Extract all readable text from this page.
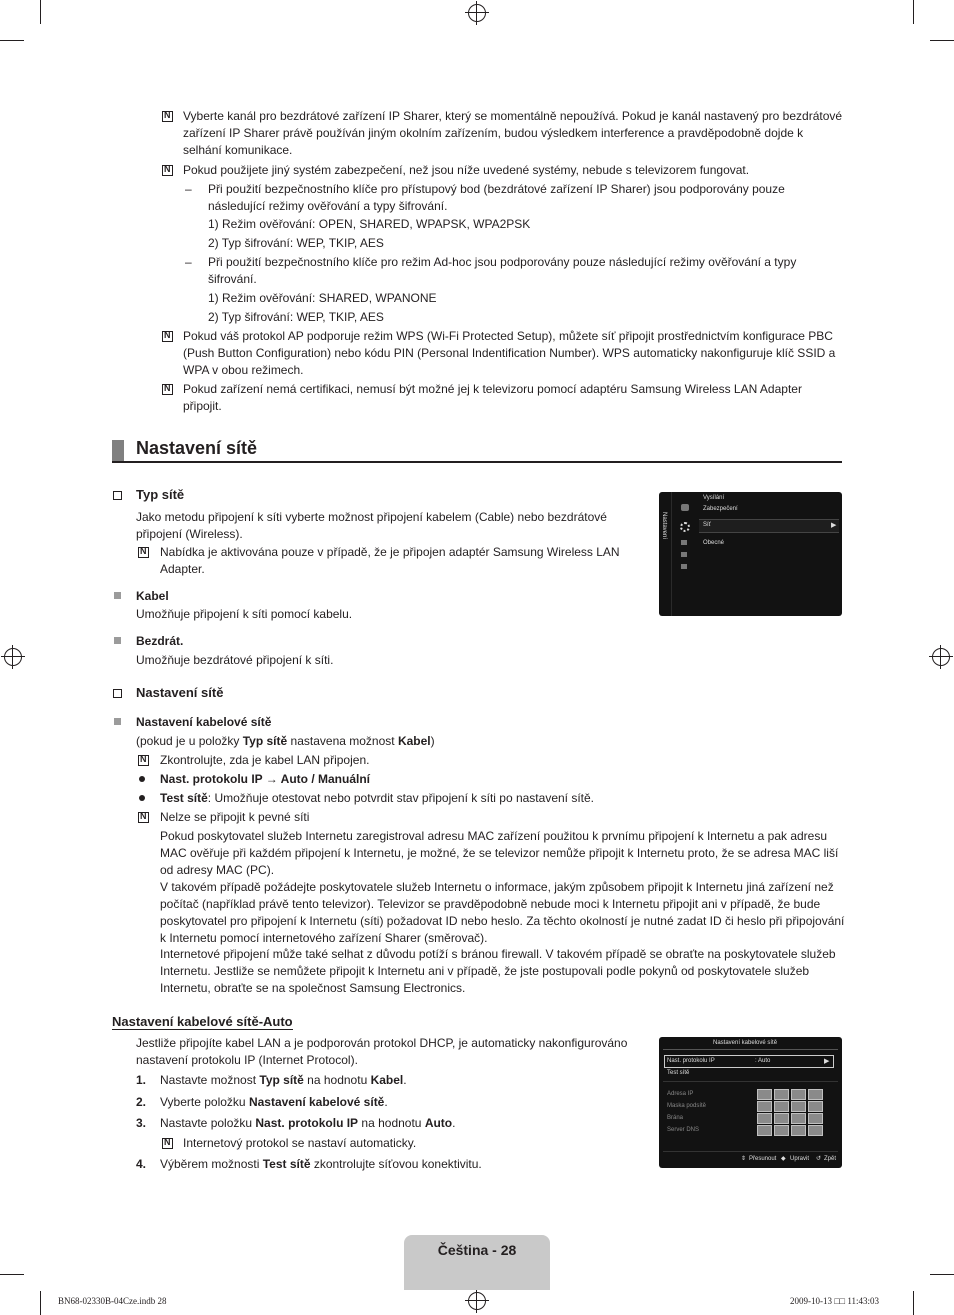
N
Vyberte kanál pro bezdrátové zařízení IP Sharer, který se momentálně nepoužívá. Pokud je kanál nastavený pro bezdrátové zařízení IP Sharer právě používán jiným okolním zařízením, budou výsledkem interference a pravděpodobně dojde k selhání komunikace.
N
Pokud použijete jiný systém zabezpečení, než jsou níže uvedené systémy, nebude s televizorem fungovat.
– Při použití bezpečnostního klíče pro přístupový bod (bezdrátové zařízení IP Sharer) jsou podporovány pouze následující režimy ověřování a typy šifrování.
1) Režim ověřování: OPEN, SHARED, WPAPSK, WPA2PSK
2) Typ šifrování: WEP, TKIP, AES
– Při použití bezpečnostního klíče pro režim Ad-hoc jsou podporovány pouze následující režimy ověřování a typy šifrování.
1) Režim ověřování: SHARED, WPANONE
2) Typ šifrování: WEP, TKIP, AES
N
Pokud váš protokol AP podporuje režim WPS (Wi-Fi Protected Setup), můžete síť připojit prostřednictvím konfigurace PBC (Push Button Configuration) nebo kódu PIN (Personal Indentification Number). WPS automaticky nakonfiguruje klíč SSID a WPA v obou režimech.
N
Pokud zařízení nemá certifikaci, nemusí být možné jej k televizoru pomocí adaptéru Samsung Wireless LAN Adapter připojit.
Nastavení sítě
Typ sítě
Jako metodu připojení k síti vyberte možnost připojení kabelem (Cable) nebo bezdrátové připojení (Wireless).
N
Nabídka je aktivována pouze v případě, že je připojen adaptér Samsung Wireless LAN Adapter.
Kabel
Umožňuje připojení k síti pomocí kabelu.
Bezdrát.
Umožňuje bezdrátové připojení k síti.
Nastavení
Vysílání
Zabezpečení
Síť	▶
Obecné
Nastavení sítě
Nastavení kabelové sítě
(pokud je u položky Typ sítě nastavena možnost Kabel)
N
Zkontrolujte, zda je kabel LAN připojen.
Nast. protokolu IP → Auto / Manuální
Test sítě: Umožňuje otestovat nebo potvrdit stav připojení k síti po nastavení sítě.
N
Nelze se připojit k pevné síti
Pokud poskytovatel služeb Internetu zaregistroval adresu MAC zařízení použitou k prvnímu připojení k Internetu a pak adresu MAC ověřuje při každém připojení k Internetu, je možné, že se televizor nemůže připojit k Internetu proto, že se adresa MAC liší od adresy MAC (PC).
V takovém případě požádejte poskytovatele služeb Internetu o informace, jakým způsobem připojit k Internetu jiná zařízení než počítač (například právě tento televizor). Televizor se pravděpodobně nebude moci k Internetu připojit ani v případě, že bude poskytovatel pro připojení k Internetu (síti) požadovat ID nebo heslo. Za těchto okolností je nutné zadat ID či heslo při připojování k Internetu pomocí internetového zařízení Sharer (směrovač).
Internetové připojení může také selhat z důvodu potíží s bránou firewall. V takovém případě se obraťte na poskytovatele služeb Internetu. Jestliže se nemůžete připojit k Internetu ani v případě, že jste postupovali podle pokynů od poskytovatele služeb Internetu, obraťte se na společnost Samsung Electronics.
Nastavení kabelové sítě-Auto
Jestliže připojíte kabel LAN a je podporován protokol DHCP, je automaticky nakonfigurováno nastavení protokolu IP (Internet Protocol).
1. Nastavte možnost Typ sítě na hodnotu Kabel.
2. Vyberte položku Nastavení kabelové sítě.
3. Nastavte položku Nast. protokolu IP na hodnotu Auto.
N
Internetový protokol se nastaví automaticky.
4. Výběrem možnosti Test sítě zkontrolujte síťovou konektivitu.
Nastavení kabelové sítě
Nast. protokolu IP	: Auto	▶
Test sítě
Adresa IP
Maska podsítě
Brána
Server DNS
⇕ Přesunout ◆ Upravit ↺ Zpět
Čeština - 28
BN68-02330B-04Cze.indb 28	2009-10-13 □□ 11:43:03
